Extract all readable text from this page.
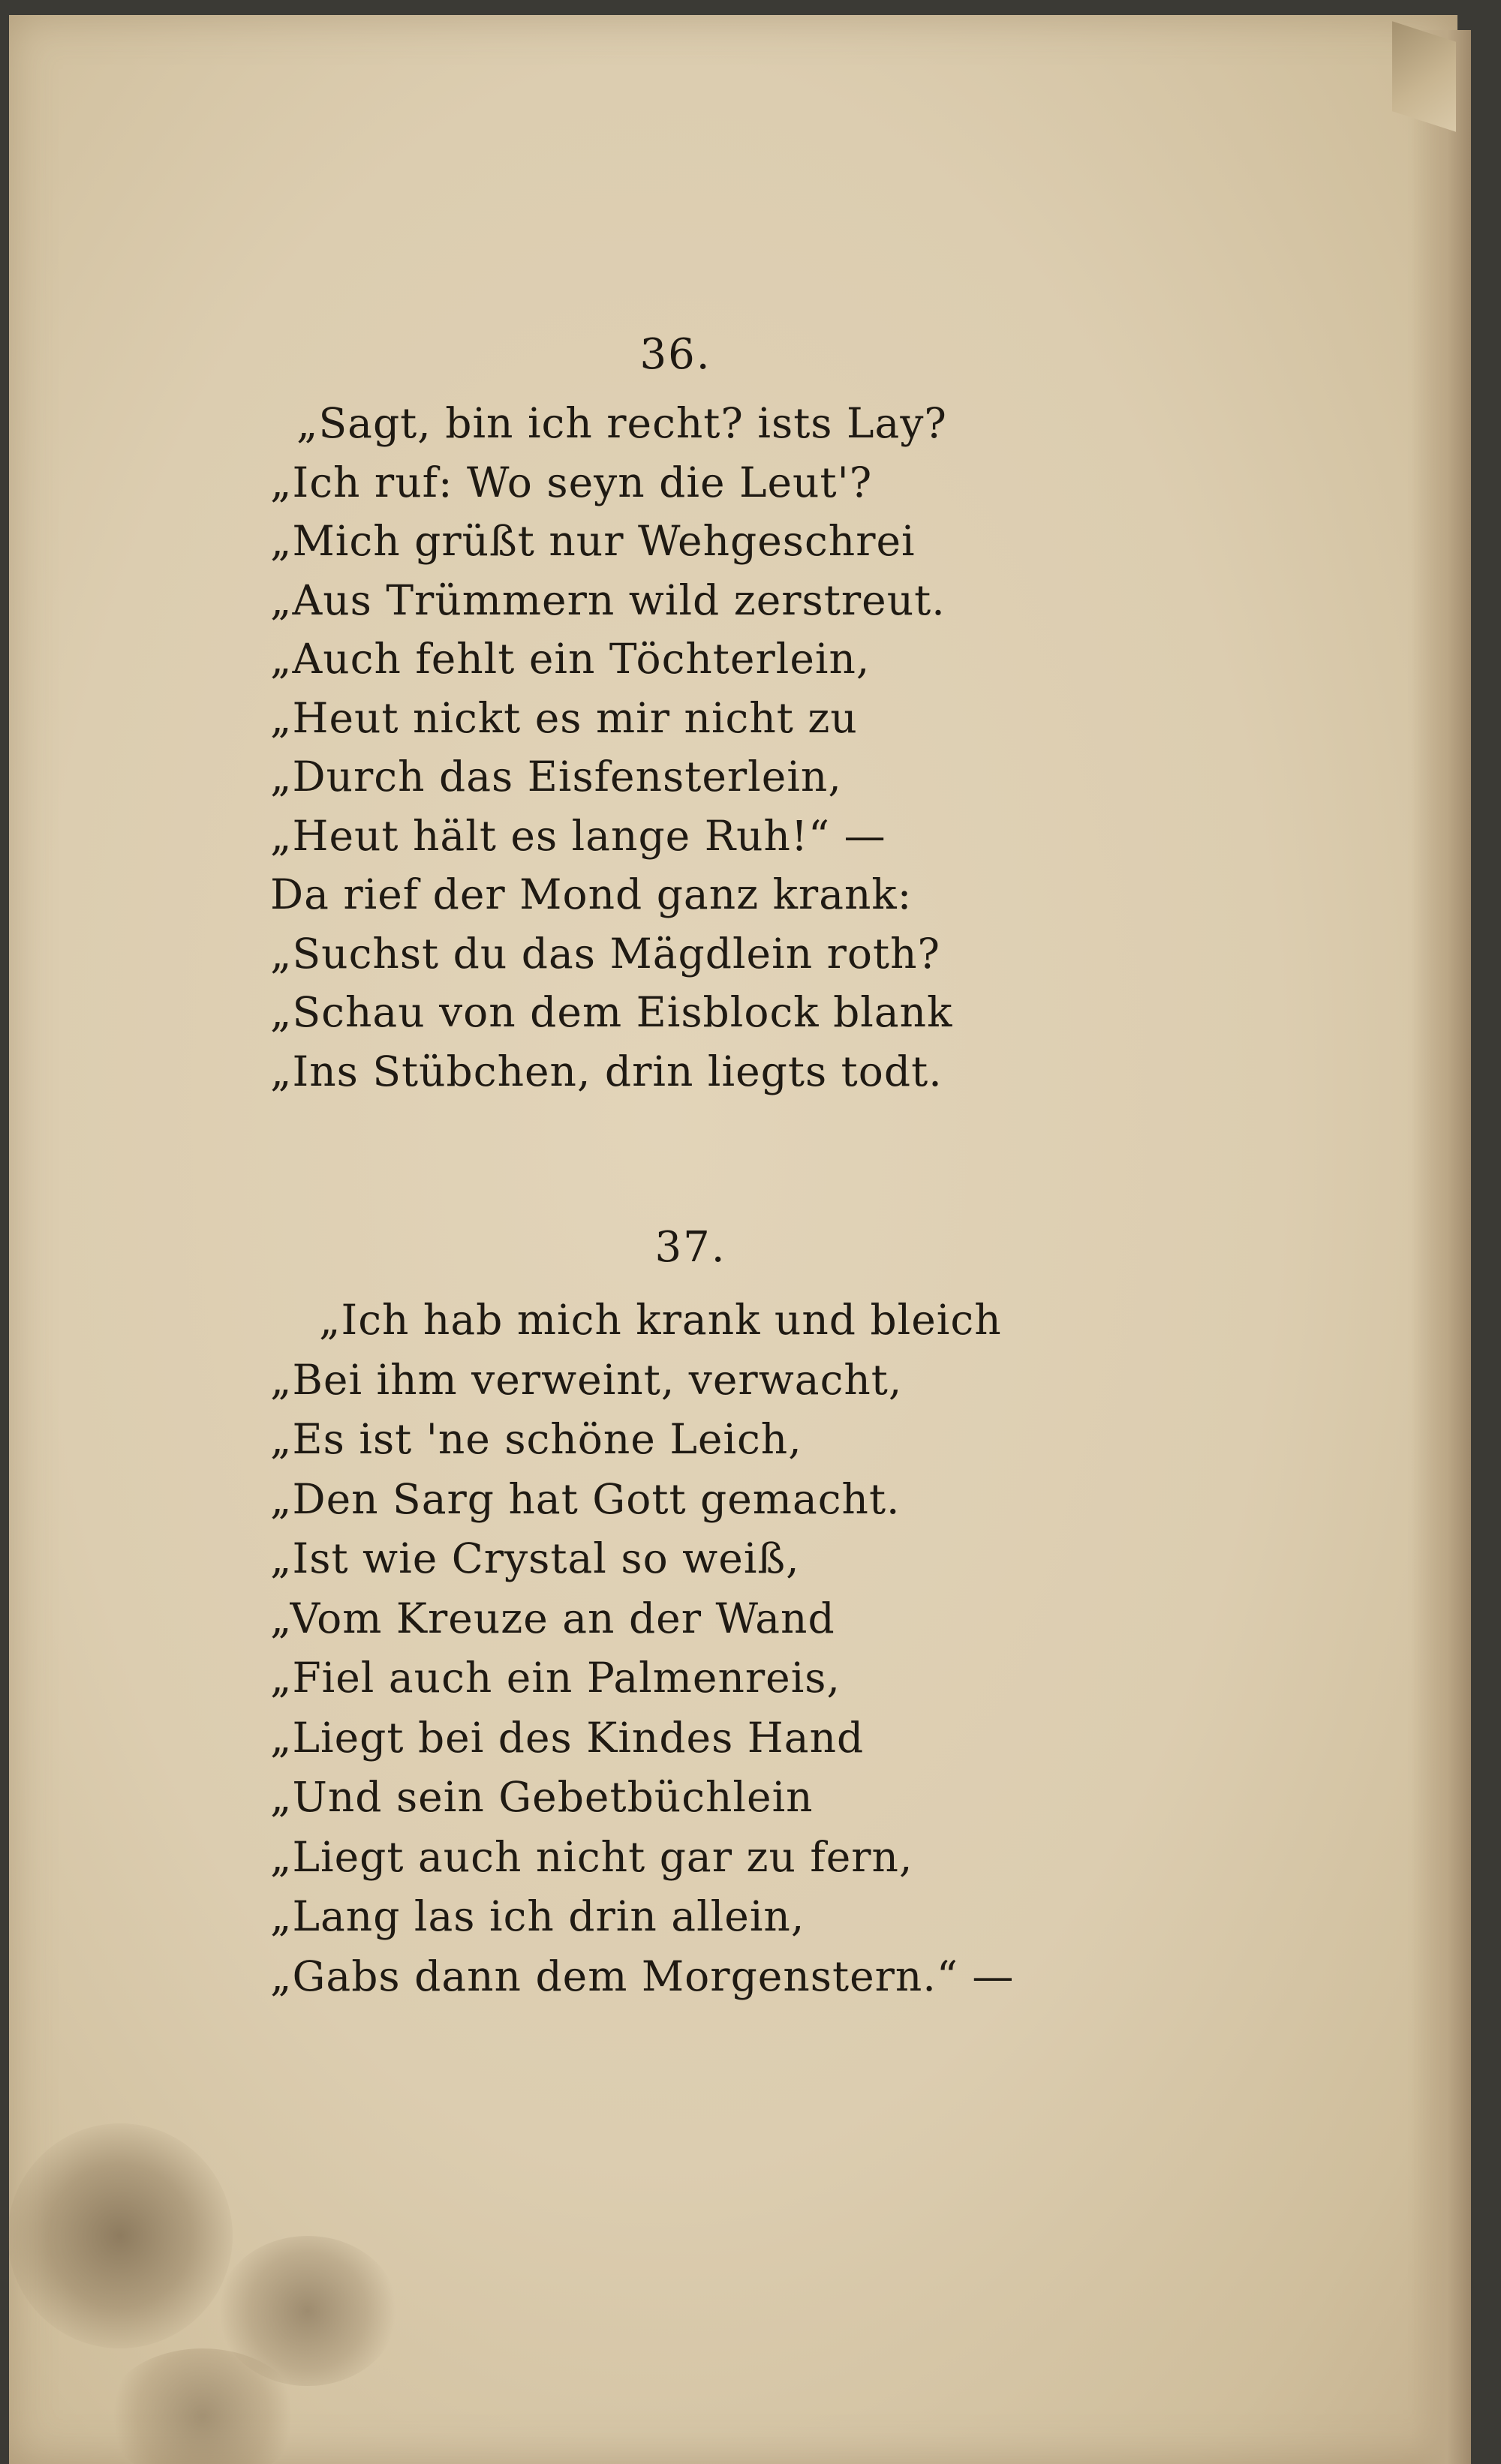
36.
„Sagt, bin ich recht? ists Lay?
„Ich ruf: Wo seyn die Leut'?
„Mich grüßt nur Wehgeschrei
„Aus Trümmern wild zerstreut.
„Auch fehlt ein Töchterlein,
„Heut nickt es mir nicht zu
„Durch das Eisfensterlein,
„Heut hält es lange Ruh!“ —
Da rief der Mond ganz krank:
„Suchst du das Mägdlein roth?
„Schau von dem Eisblock blank
„Ins Stübchen, drin liegts todt.
37.
„Ich hab mich krank und bleich
„Bei ihm verweint, verwacht,
„Es ist 'ne schöne Leich,
„Den Sarg hat Gott gemacht.
„Ist wie Crystal so weiß,
„Vom Kreuze an der Wand
„Fiel auch ein Palmenreis,
„Liegt bei des Kindes Hand
„Und sein Gebetbüchlein
„Liegt auch nicht gar zu fern,
„Lang las ich drin allein,
„Gabs dann dem Morgenstern.“ —
